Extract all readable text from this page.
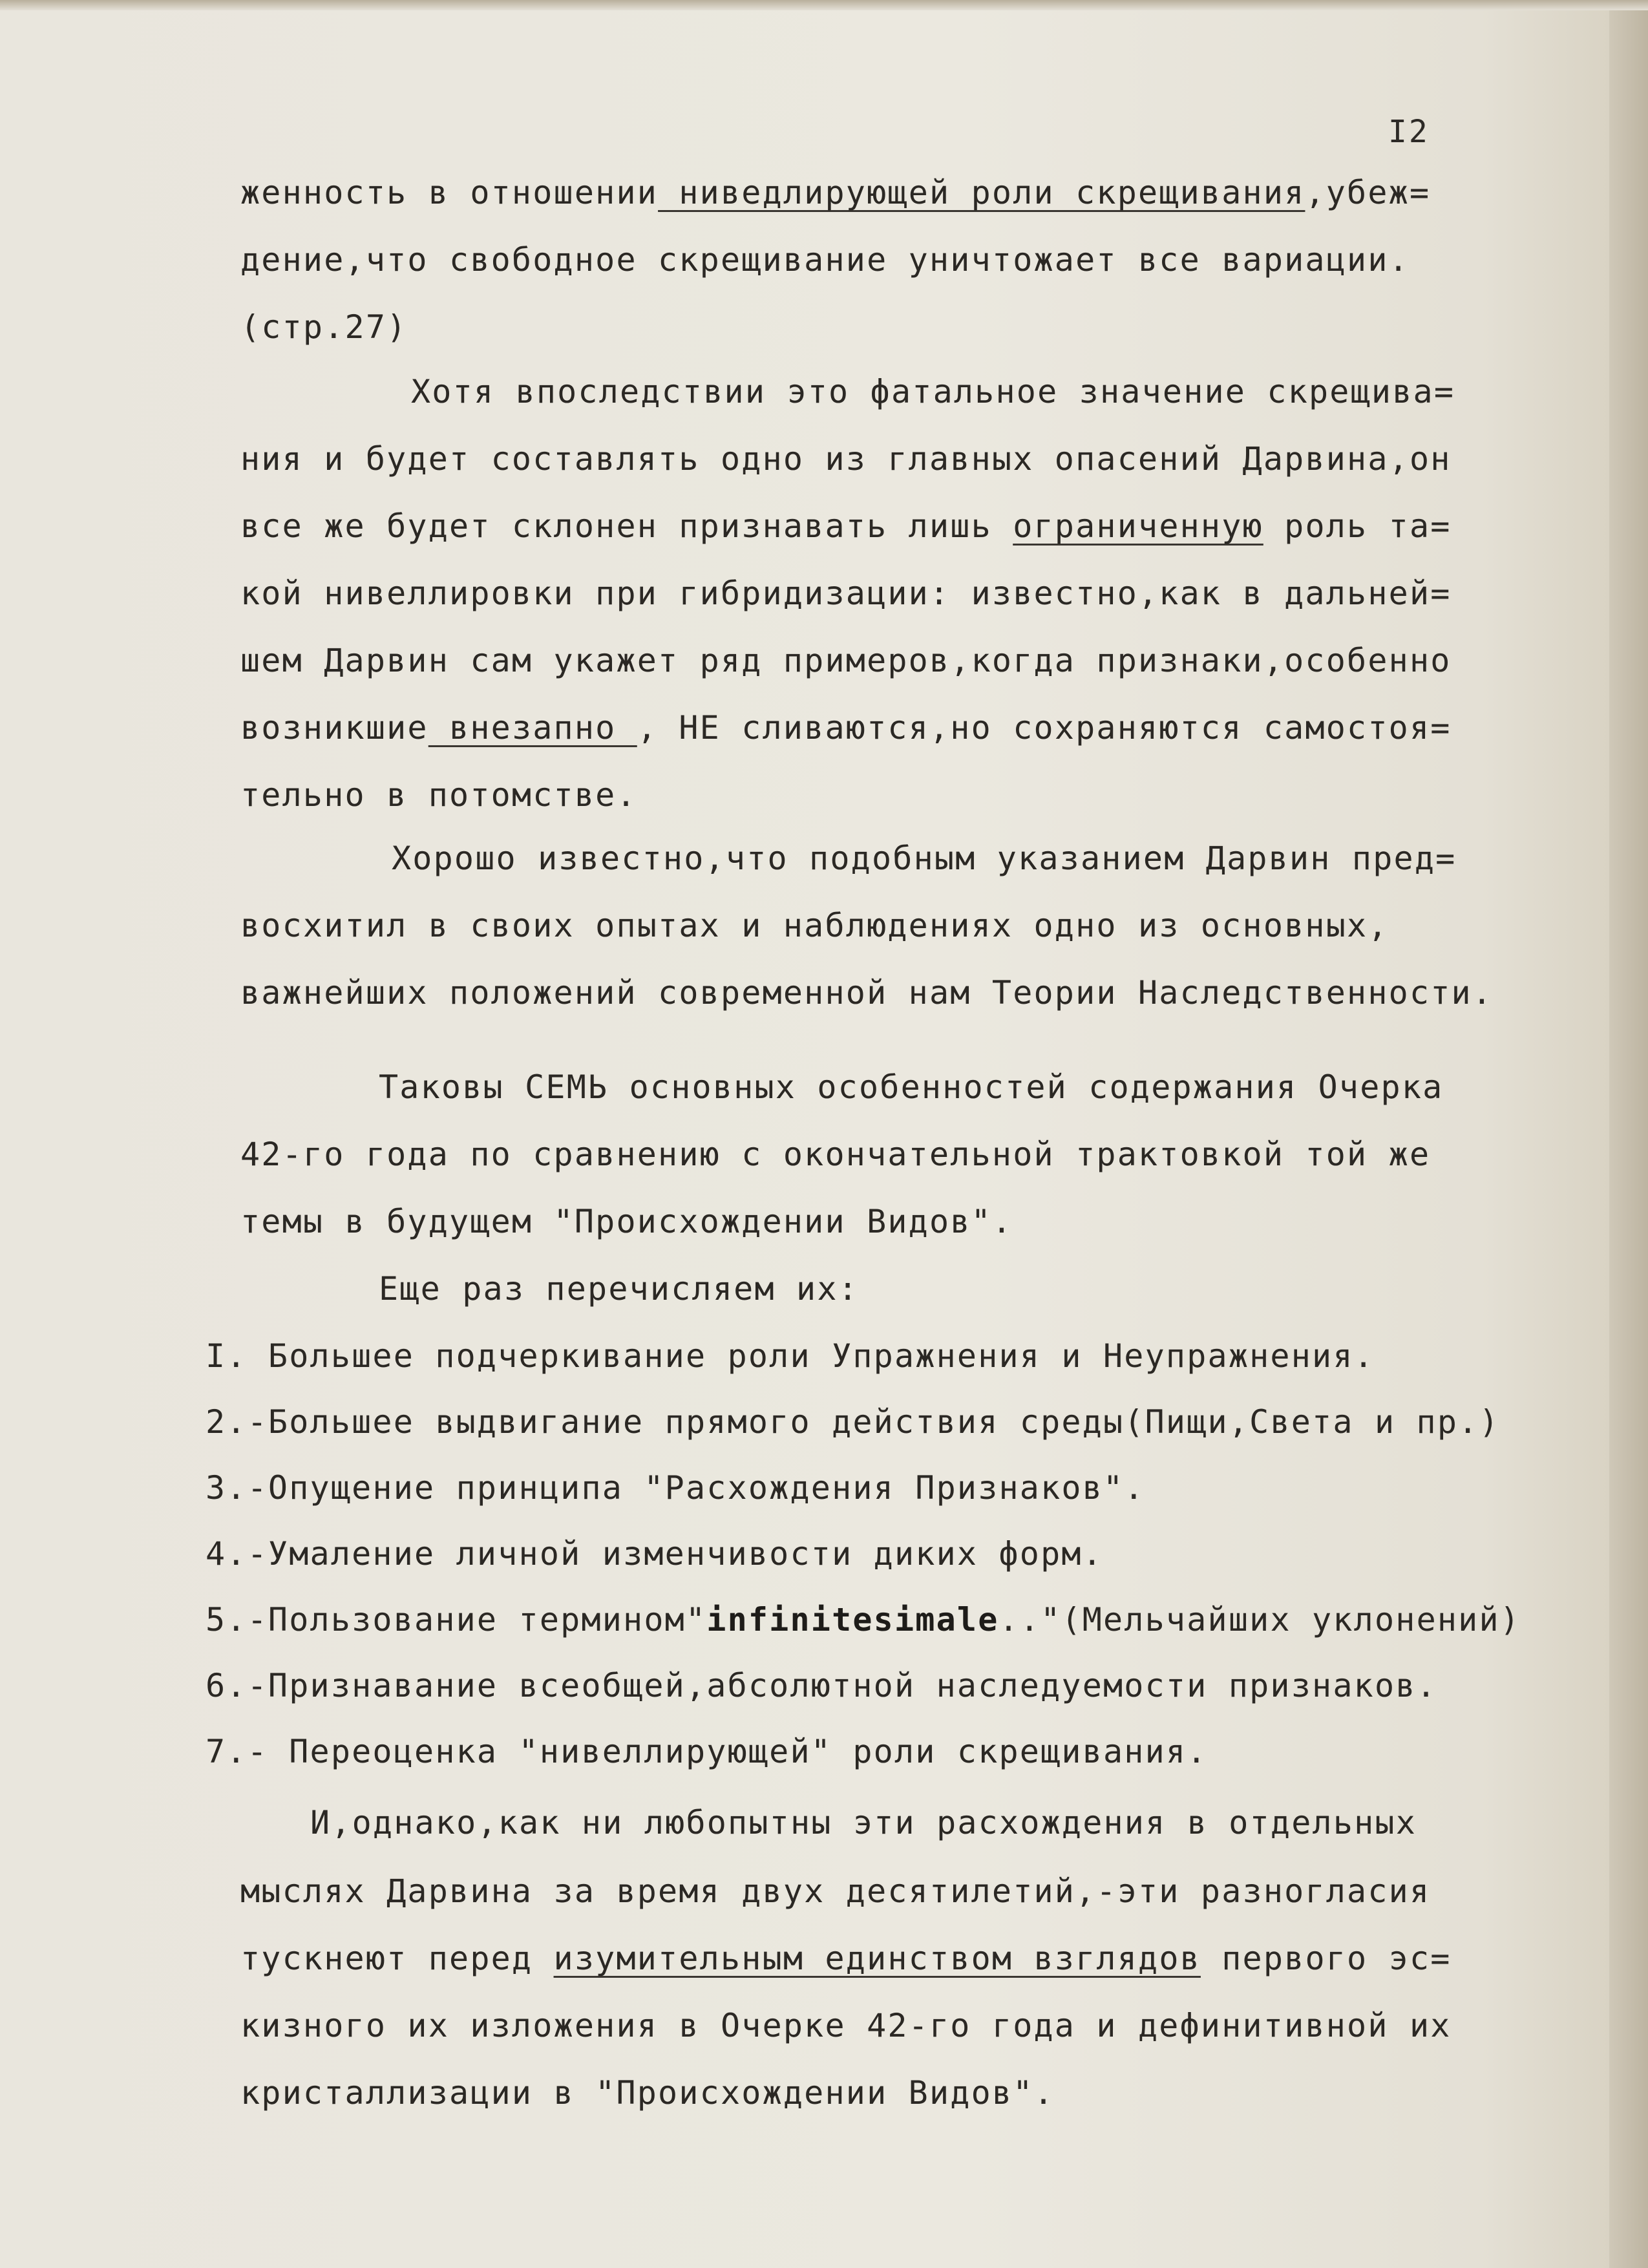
I2
женность в отношении ниведлирующей роли скрещивания,убеж=
дение,что свободное скрещивание уничтожает все вариации.
(стр.27)
Хотя впоследствии это фатальное значение скрещива=
ния и будет составлять одно из главных опасений Дарвина,он
все же будет склонен признавать лишь ограниченную роль та=
кой нивеллировки при гибридизации: известно,как в дальней=
шем Дарвин сам укажет ряд примеров,когда признаки,особенно
возникшие внезапно , НЕ сливаются,но сохраняются самостоя=
тельно в потомстве.
Хорошо известно,что подобным указанием Дарвин пред=
восхитил в своих опытах и наблюдениях одно из основных,
важнейших положений современной нам Теории Наследственности.
Таковы СЕМЬ основных особенностей содержания Очерка
42-го года по сравнению с окончательной трактовкой той же
темы в будущем "Происхождении Видов".
Еще раз перечисляем их:
I. Большее подчеркивание роли Упражнения и Неупражнения.
2.-Большее выдвигание прямого действия среды(Пищи,Света и пр.)
3.-Опущение принципа "Расхождения Признаков".
4.-Умаление личной изменчивости диких форм.
5.-Пользование термином"infinitesimale.."(Мельчайших уклонений)
6.-Признавание всеобщей,абсолютной наследуемости признаков.
7.- Переоценка "нивеллирующей" роли скрещивания.
И,однако,как ни любопытны эти расхождения в отдельных
мыслях Дарвина за время двух десятилетий,-эти разногласия
тускнеют перед изумительным единством взглядов первого эс=
кизного их изложения в Очерке 42-го года и дефинитивной их
кристаллизации в "Происхождении Видов".
